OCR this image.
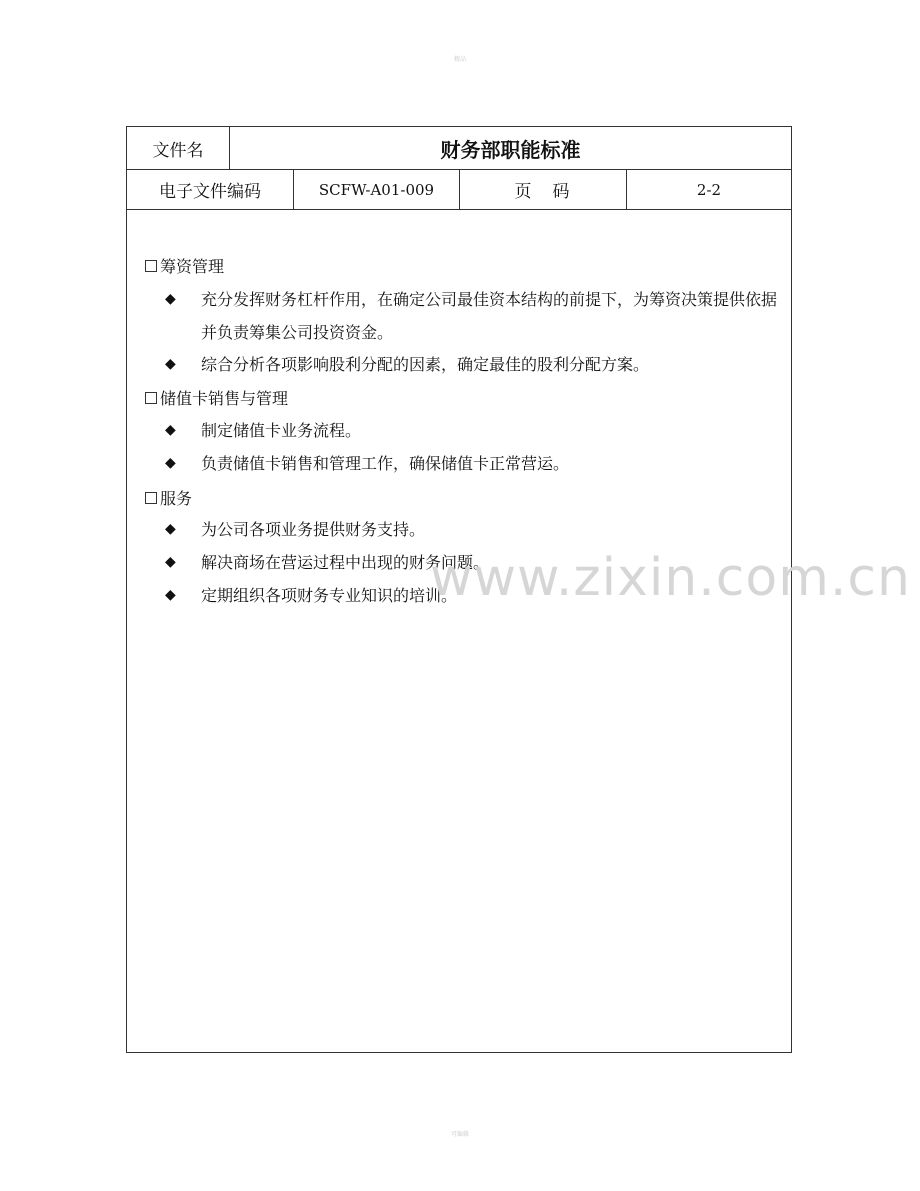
精品
文件名	财务部职能标准
电子文件编码	SCFW-A01-009	页　码	2-2
筹资管理
◆	充分发挥财务杠杆作用，在确定公司最佳资本结构的前提下，为筹资决策提供依据并负责筹集公司投资资金。
◆	综合分析各项影响股利分配的因素，确定最佳的股利分配方案。
储值卡销售与管理
◆	制定储值卡业务流程。
◆	负责储值卡销售和管理工作，确保储值卡正常营运。
服务
◆	为公司各项业务提供财务支持。
◆	解决商场在营运过程中出现的财务问题。
◆	定期组织各项财务专业知识的培训。
www.zixin.com.cn
可编辑
